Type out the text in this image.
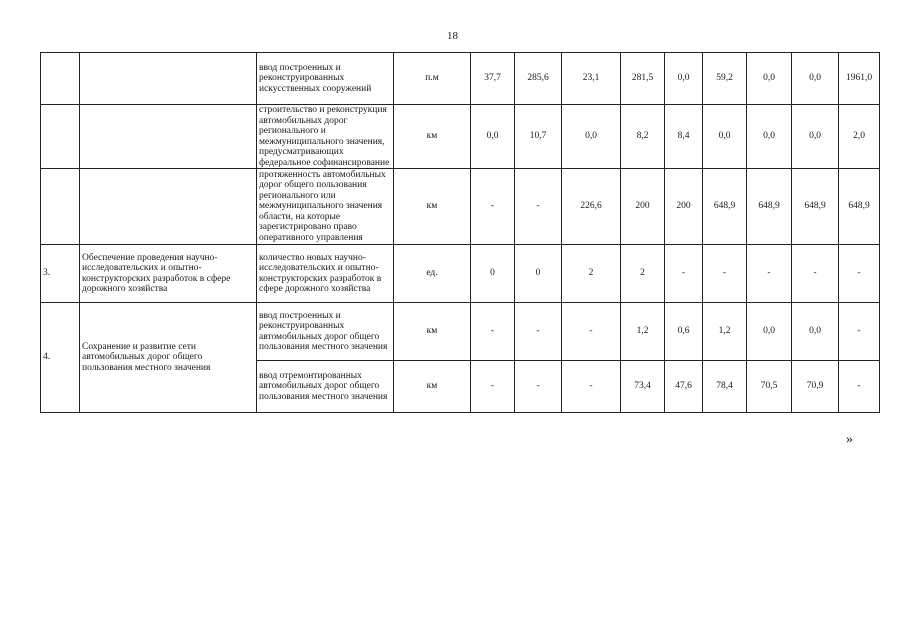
18
		ввод построенных и реконструированных искусственных сооружений	п.м	37,7	285,6	23,1	281,5	0,0	59,2	0,0	0,0	1961,0
		строительство и реконструкция автомобильных дорог регионального и межмуниципального значения, предусматривающих федеральное софинансирование	км	0,0	10,7	0,0	8,2	8,4	0,0	0,0	0,0	2,0
		протяженность автомобильных дорог общего пользования регионального или межмуниципального значения области, на которые зарегистрировано право оперативного управления	км	-	-	226,6	200	200	648,9	648,9	648,9	648,9
3.	Обеспечение проведения научно-исследовательских и опытно-конструкторских разработок в сфере дорожного хозяйства	количество новых научно-исследовательских и опытно-конструкторских разработок в сфере дорожного хозяйства	ед.	0	0	2	2	-	-	-	-	-
4.	Сохранение и развитие сети автомобильных дорог общего пользования местного значения	ввод построенных и реконструированных автомобильных дорог общего пользования местного значения	км	-	-	-	1,2	0,6	1,2	0,0	0,0	-
		ввод отремонтированных автомобильных дорог общего пользования местного значения	км	-	-	-	73,4	47,6	78,4	70,5	70,9	-
»
